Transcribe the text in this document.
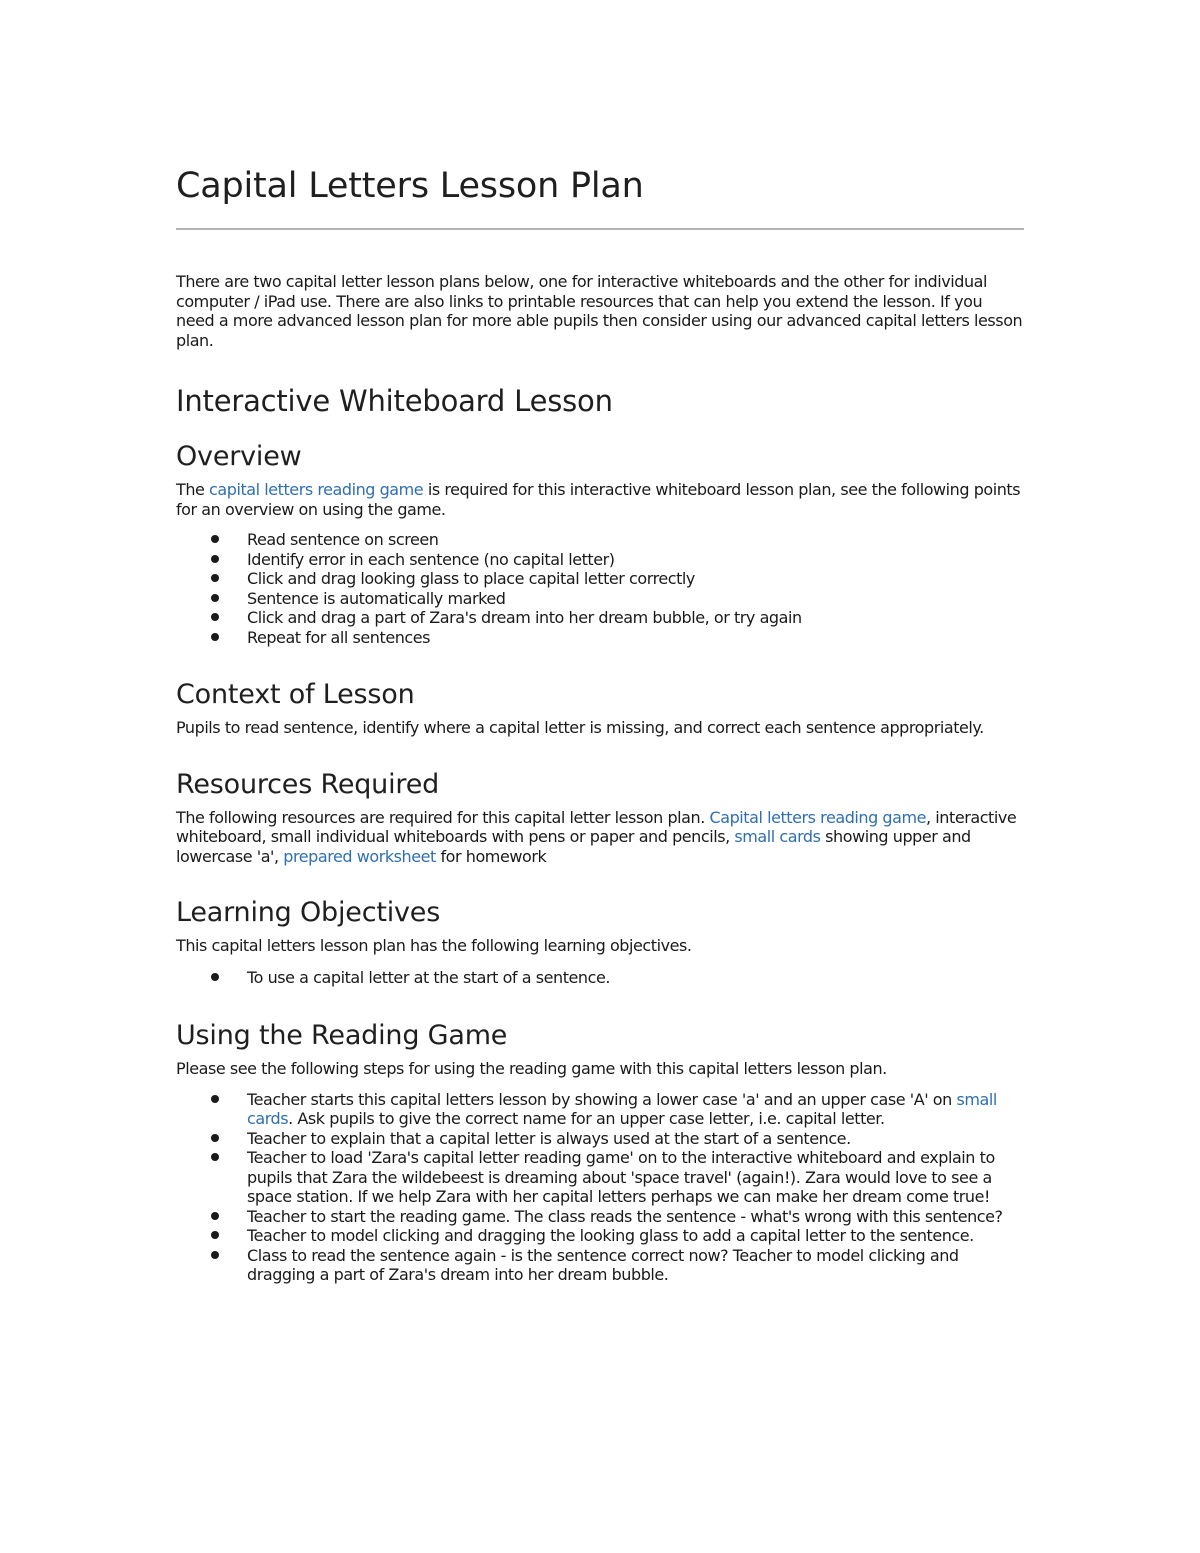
Capital Letters Lesson Plan

There are two capital letter lesson plans below, one for interactive whiteboards and the other for individual computer / iPad use. There are also links to printable resources that can help you extend the lesson. If you need a more advanced lesson plan for more able pupils then consider using our advanced capital letters lesson plan.

Interactive Whiteboard Lesson
Overview

The capital letters reading game is required for this interactive whiteboard lesson plan, see the following points for an overview on using the game.

Read sentence on screen
Identify error in each sentence (no capital letter)
Click and drag looking glass to place capital letter correctly
Sentence is automatically marked
Click and drag a part of Zara's dream into her dream bubble, or try again
Repeat for all sentences
Context of Lesson

Pupils to read sentence, identify where a capital letter is missing, and correct each sentence appropriately.

Resources Required

The following resources are required for this capital letter lesson plan. Capital letters reading game, interactive whiteboard, small individual whiteboards with pens or paper and pencils, small cards showing upper and lowercase 'a', prepared worksheet for homework

Learning Objectives

This capital letters lesson plan has the following learning objectives.

To use a capital letter at the start of a sentence.
Using the Reading Game

Please see the following steps for using the reading game with this capital letters lesson plan.

Teacher starts this capital letters lesson by showing a lower case 'a' and an upper case 'A' on small cards. Ask pupils to give the correct name for an upper case letter, i.e. capital letter.
Teacher to explain that a capital letter is always used at the start of a sentence.
Teacher to load 'Zara's capital letter reading game' on to the interactive whiteboard and explain to pupils that Zara the wildebeest is dreaming about 'space travel' (again!). Zara would love to see a space station. If we help Zara with her capital letters perhaps we can make her dream come true!
Teacher to start the reading game. The class reads the sentence - what's wrong with this sentence?
Teacher to model clicking and dragging the looking glass to add a capital letter to the sentence.
Class to read the sentence again - is the sentence correct now? Teacher to model clicking and dragging a part of Zara's dream into her dream bubble.
